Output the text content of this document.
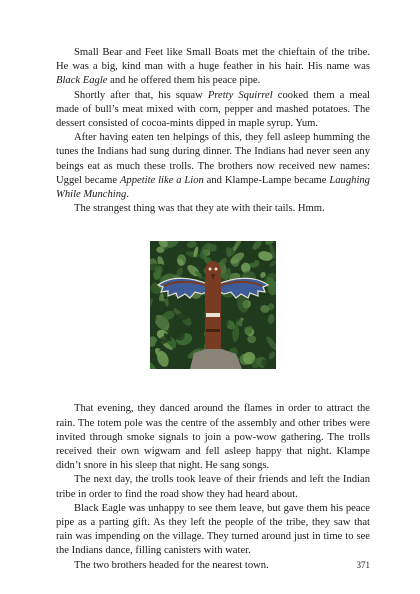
Small Bear and Feet like Small Boats met the chieftain of the tribe. He was a big, kind man with a huge feather in his hair. His name was Black Eagle and he offered them his peace pipe.

Shortly after that, his squaw Pretty Squirrel cooked them a meal made of bull’s meat mixed with corn, pepper and mashed potatoes. The dessert consisted of cocoa-mints dipped in maple syrup. Yum.

After having eaten ten helpings of this, they fell asleep humming the tunes the Indians had sung during dinner. The Indians had never seen any beings eat as much these trolls. The brothers now received new names: Uggel became Appetite like a Lion and Klampe-Lampe became Laughing While Munching.

The strangest thing was that they ate with their tails. Hmm.

That evening, they danced around the flames in order to attract the rain. The totem pole was the centre of the assembly and other tribes were invited through smoke signals to join a pow-wow gathering. The trolls received their own wigwam and fell asleep happy that night. Klampe didn’t snore in his sleep that night. He sang songs.

The next day, the trolls took leave of their friends and left the Indian tribe in order to find the road show they had heard about.

Black Eagle was unhappy to see them leave, but gave them his peace pipe as a parting gift. As they left the people of the tribe, they saw that rain was impending on the village. They turned around just in time to see the Indians dance, filling canisters with water.

The two brothers headed for the nearest town.	371
